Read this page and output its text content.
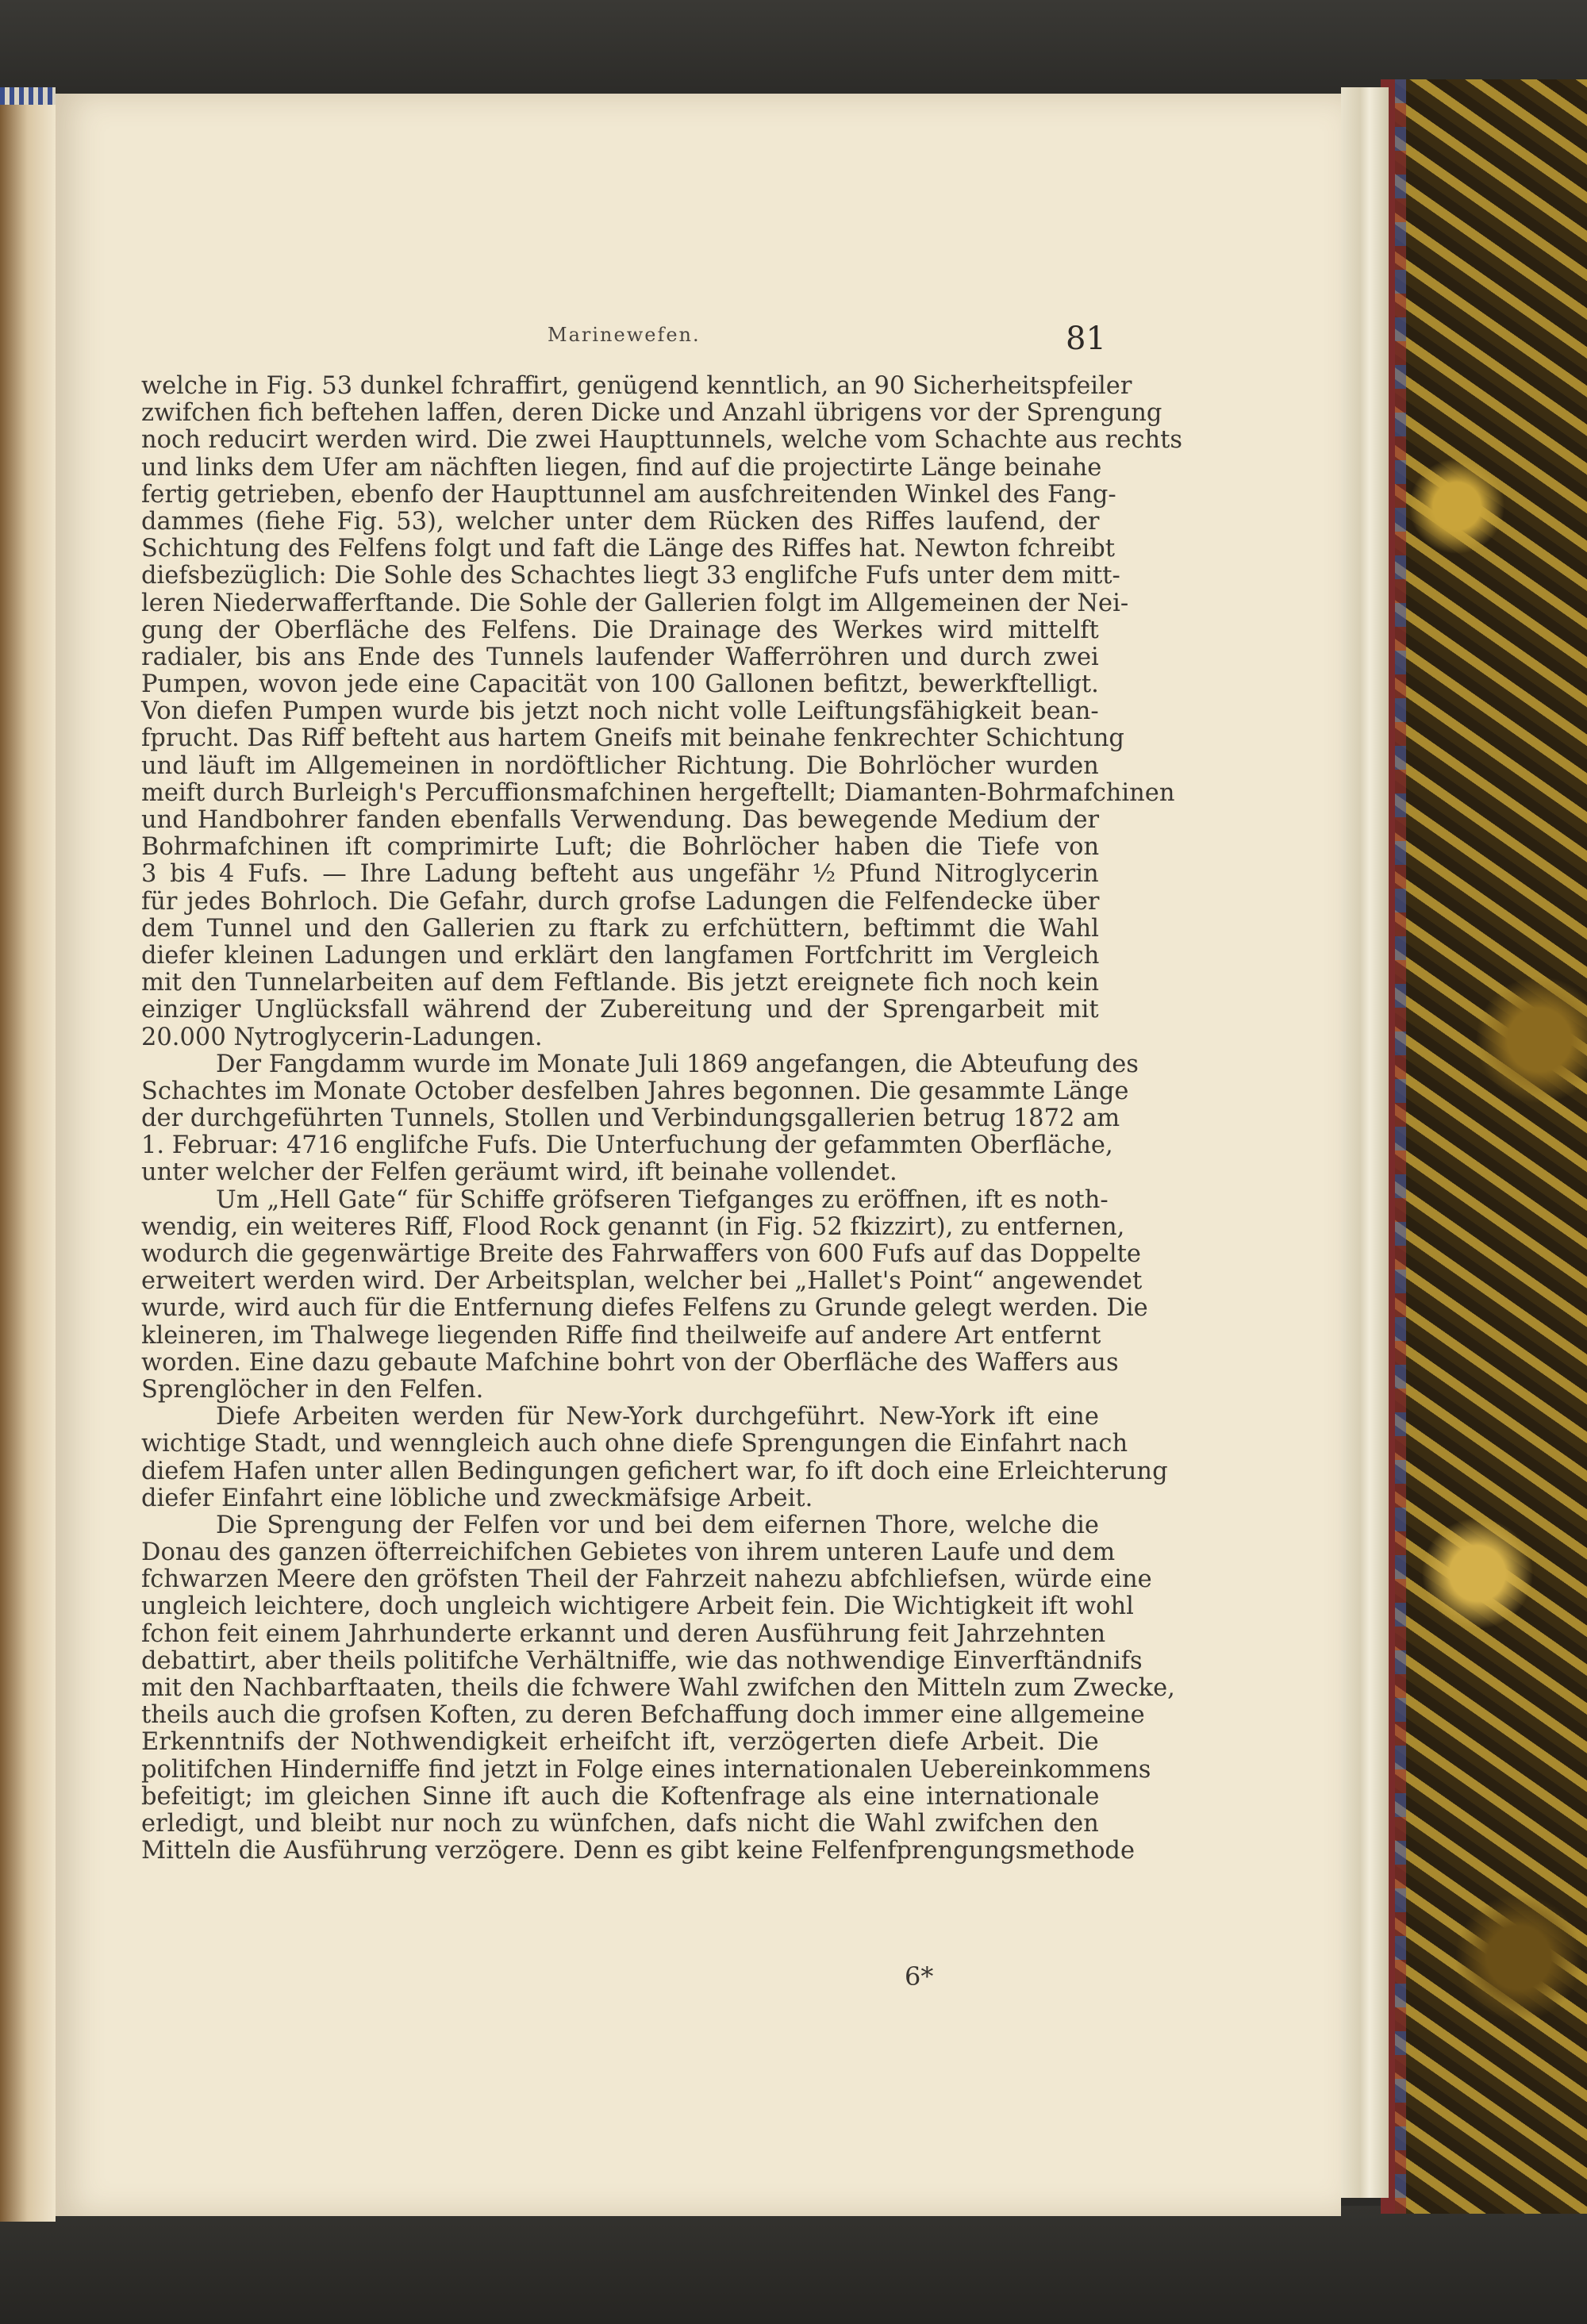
Marinewefen.	81
welche in Fig. 53 dunkel fchraffirt, genügend kenntlich, an 90 Sicherheitspfeiler
zwifchen fich beftehen laffen, deren Dicke und Anzahl übrigens vor der Sprengung
noch reducirt werden wird. Die zwei Haupttunnels, welche vom Schachte aus rechts
und links dem Ufer am nächften liegen, find auf die projectirte Länge beinahe
fertig getrieben, ebenfo der Haupttunnel am ausfchreitenden Winkel des Fang-
dammes (fiehe Fig. 53), welcher unter dem Rücken des Riffes laufend, der
Schichtung des Felfens folgt und faft die Länge des Riffes hat. Newton fchreibt
diefsbezüglich: Die Sohle des Schachtes liegt 33 englifche Fufs unter dem mitt-
leren Niederwafferftande. Die Sohle der Gallerien folgt im Allgemeinen der Nei-
gung der Oberfläche des Felfens. Die Drainage des Werkes wird mittelft
radialer, bis ans Ende des Tunnels laufender Wafferröhren und durch zwei
Pumpen, wovon jede eine Capacität von 100 Gallonen befitzt, bewerkftelligt.
Von diefen Pumpen wurde bis jetzt noch nicht volle Leiftungsfähigkeit bean-
fprucht. Das Riff befteht aus hartem Gneifs mit beinahe fenkrechter Schichtung
und läuft im Allgemeinen in nordöftlicher Richtung. Die Bohrlöcher wurden
meift durch Burleigh's Percuffionsmafchinen hergeftellt; Diamanten-Bohrmafchinen
und Handbohrer fanden ebenfalls Verwendung. Das bewegende Medium der
Bohrmafchinen ift comprimirte Luft; die Bohrlöcher haben die Tiefe von
3 bis 4 Fufs. — Ihre Ladung befteht aus ungefähr ½ Pfund Nitroglycerin
für jedes Bohrloch. Die Gefahr, durch grofse Ladungen die Felfendecke über
dem Tunnel und den Gallerien zu ftark zu erfchüttern, beftimmt die Wahl
diefer kleinen Ladungen und erklärt den langfamen Fortfchritt im Vergleich
mit den Tunnelarbeiten auf dem Feftlande. Bis jetzt ereignete fich noch kein
einziger Unglücksfall während der Zubereitung und der Sprengarbeit mit
20.000 Nytroglycerin-Ladungen.
Der Fangdamm wurde im Monate Juli 1869 angefangen, die Abteufung des
Schachtes im Monate October desfelben Jahres begonnen. Die gesammte Länge
der durchgeführten Tunnels, Stollen und Verbindungsgallerien betrug 1872 am
1. Februar: 4716 englifche Fufs. Die Unterfuchung der gefammten Oberfläche,
unter welcher der Felfen geräumt wird, ift beinahe vollendet.
Um „Hell Gate“ für Schiffe gröfseren Tiefganges zu eröffnen, ift es noth-
wendig, ein weiteres Riff, Flood Rock genannt (in Fig. 52 fkizzirt), zu entfernen,
wodurch die gegenwärtige Breite des Fahrwaffers von 600 Fufs auf das Doppelte
erweitert werden wird. Der Arbeitsplan, welcher bei „Hallet's Point“ angewendet
wurde, wird auch für die Entfernung diefes Felfens zu Grunde gelegt werden. Die
kleineren, im Thalwege liegenden Riffe find theilweife auf andere Art entfernt
worden. Eine dazu gebaute Mafchine bohrt von der Oberfläche des Waffers aus
Sprenglöcher in den Felfen.
Diefe Arbeiten werden für New-York durchgeführt. New-York ift eine
wichtige Stadt, und wenngleich auch ohne diefe Sprengungen die Einfahrt nach
diefem Hafen unter allen Bedingungen gefichert war, fo ift doch eine Erleichterung
diefer Einfahrt eine löbliche und zweckmäfsige Arbeit.
Die Sprengung der Felfen vor und bei dem eifernen Thore, welche die
Donau des ganzen öfterreichifchen Gebietes von ihrem unteren Laufe und dem
fchwarzen Meere den gröfsten Theil der Fahrzeit nahezu abfchliefsen, würde eine
ungleich leichtere, doch ungleich wichtigere Arbeit fein. Die Wichtigkeit ift wohl
fchon feit einem Jahrhunderte erkannt und deren Ausführung feit Jahrzehnten
debattirt, aber theils politifche Verhältniffe, wie das nothwendige Einverftändnifs
mit den Nachbarftaaten, theils die fchwere Wahl zwifchen den Mitteln zum Zwecke,
theils auch die grofsen Koften, zu deren Befchaffung doch immer eine allgemeine
Erkenntnifs der Nothwendigkeit erheifcht ift, verzögerten diefe Arbeit. Die
politifchen Hinderniffe find jetzt in Folge eines internationalen Uebereinkommens
befeitigt; im gleichen Sinne ift auch die Koftenfrage als eine internationale
erledigt, und bleibt nur noch zu wünfchen, dafs nicht die Wahl zwifchen den
Mitteln die Ausführung verzögere. Denn es gibt keine Felfenfprengungsmethode
6*
